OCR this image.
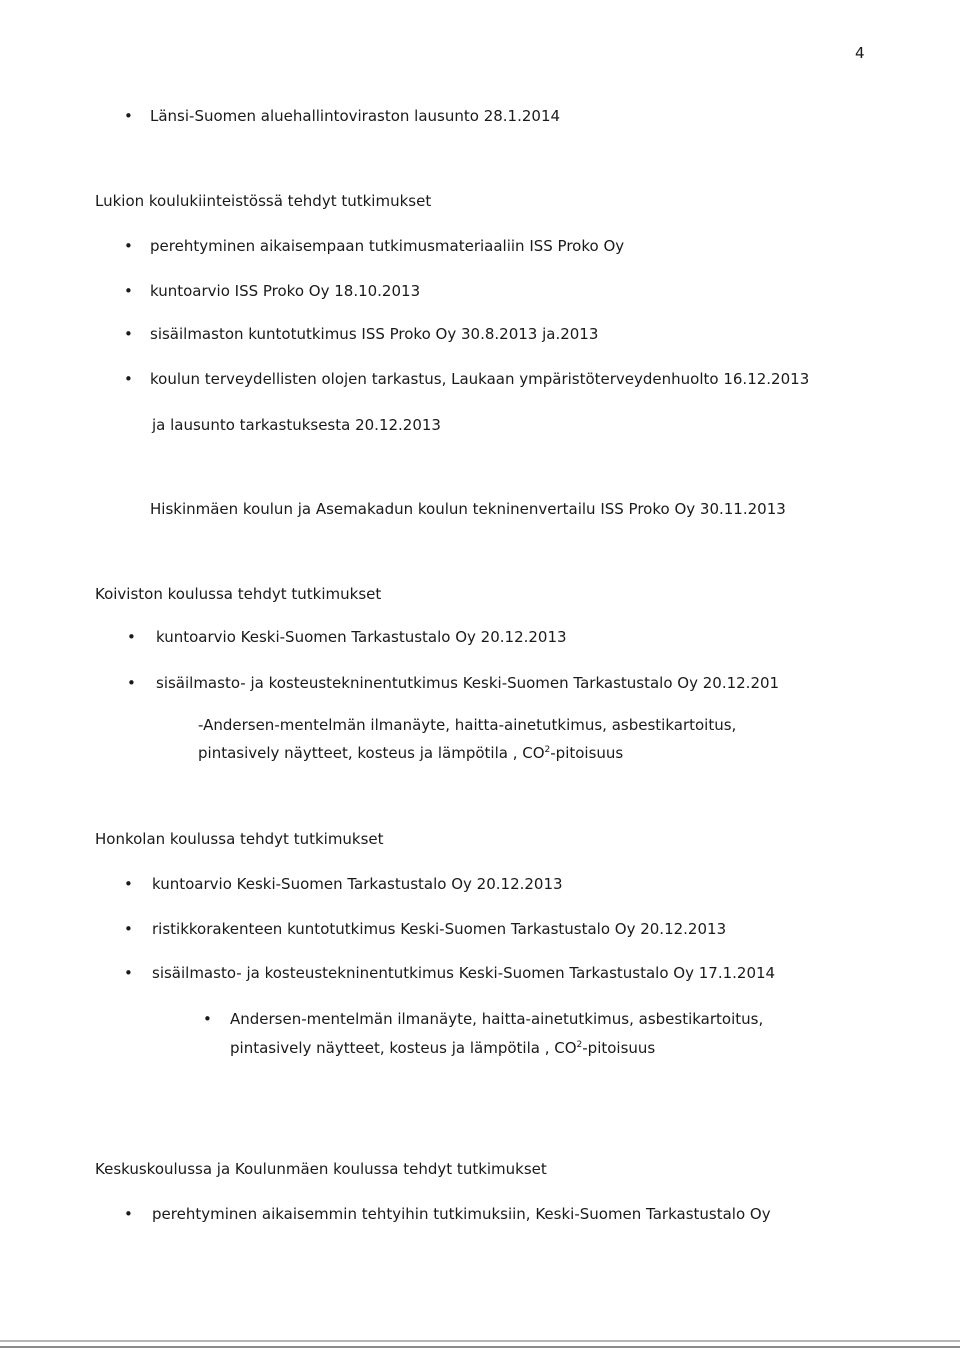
4
• Länsi-Suomen aluehallintoviraston lausunto 28.1.2014
Lukion koulukiinteistössä tehdyt tutkimukset
• perehtyminen aikaisempaan tutkimusmateriaaliin ISS Proko Oy
• kuntoarvio ISS Proko Oy 18.10.2013
• sisäilmaston kuntotutkimus ISS Proko Oy 30.8.2013 ja.2013
• koulun terveydellisten olojen tarkastus, Laukaan ympäristöterveydenhuolto 16.12.2013
ja lausunto tarkastuksesta 20.12.2013
Hiskinmäen koulun ja Asemakadun koulun tekninenvertailu ISS Proko Oy 30.11.2013
Koiviston koulussa tehdyt tutkimukset
• kuntoarvio Keski-Suomen Tarkastustalo Oy 20.12.2013
• sisäilmasto- ja kosteustekninentutkimus Keski-Suomen Tarkastustalo Oy 20.12.201
-Andersen-mentelmän ilmanäyte, haitta-ainetutkimus, asbestikartoitus,
pintasively näytteet, kosteus ja lämpötila , $CO^2$-pitoisuus
Honkolan koulussa tehdyt tutkimukset
• kuntoarvio Keski-Suomen Tarkastustalo Oy 20.12.2013
• ristikkorakenteen kuntotutkimus Keski-Suomen Tarkastustalo Oy 20.12.2013
• sisäilmasto- ja kosteustekninentutkimus Keski-Suomen Tarkastustalo Oy 17.1.2014
• Andersen-mentelmän ilmanäyte, haitta-ainetutkimus, asbestikartoitus,
pintasively näytteet, kosteus ja lämpötila , $CO^2$-pitoisuus
Keskuskoulussa ja Koulunmäen koulussa tehdyt tutkimukset
• perehtyminen aikaisemmin tehtyihin tutkimuksiin, Keski-Suomen Tarkastustalo Oy
